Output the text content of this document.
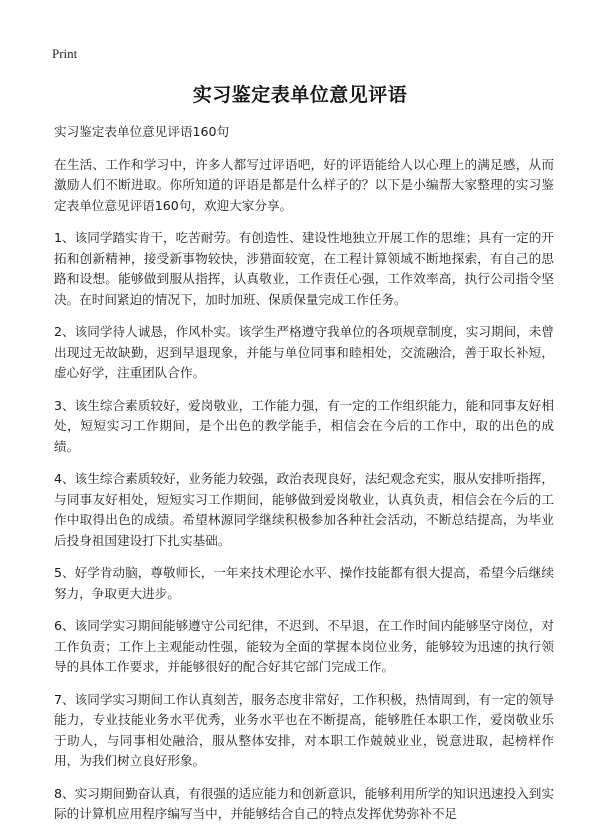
Print
实习鉴定表单位意见评语

实习鉴定表单位意见评语160句

在生活、工作和学习中，许多人都写过评语吧，好的评语能给人以心理上的满足感，从而激励人们不断进取。你所知道的评语是都是什么样子的？以下是小编帮大家整理的实习鉴定表单位意见评语160句，欢迎大家分享。

1、该同学踏实肯干，吃苦耐劳。有创造性、建设性地独立开展工作的思维；具有一定的开拓和创新精神，接受新事物较快，涉猎面较宽，在工程计算领域不断地探索，有自己的思路和设想。能够做到服从指挥，认真敬业，工作责任心强，工作效率高，执行公司指令坚决。在时间紧迫的情况下，加时加班、保质保量完成工作任务。

2、该同学待人诚恳，作风朴实。该学生严格遵守我单位的各项规章制度，实习期间，未曾出现过无故缺勤，迟到早退现象，并能与单位同事和睦相处，交流融洽，善于取长补短，虚心好学，注重团队合作。

3、该生综合素质较好，爱岗敬业，工作能力强，有一定的工作组织能力，能和同事友好相处，短短实习工作期间，是个出色的教学能手，相信会在今后的工作中，取的出色的成绩。

4、该生综合素质较好，业务能力较强，政治表现良好，法纪观念充实，服从安排听指挥，与同事友好相处，短短实习工作期间，能够做到爱岗敬业，认真负责，相信会在今后的工作中取得出色的成绩。希望林源同学继续积极参加各种社会活动，不断总结提高，为毕业后投身祖国建设打下扎实基础。

5、好学肯动脑，尊敬师长，一年来技术理论水平、操作技能都有很大提高，希望今后继续努力，争取更大进步。

6、该同学实习期间能够遵守公司纪律，不迟到、不早退，在工作时间内能够坚守岗位，对工作负责；工作上主观能动性强，能较为全面的掌握本岗位业务，能够较为迅速的执行领导的具体工作要求，并能够很好的配合好其它部门完成工作。

7、该同学实习期间工作认真刻苦，服务态度非常好，工作积极，热情周到，有一定的领导能力，专业技能业务水平优秀，业务水平也在不断提高，能够胜任本职工作，爱岗敬业乐于助人，与同事相处融洽，服从整体安排，对本职工作兢兢业业，锐意进取，起榜样作用，为我们树立良好形象。

8、实习期间勤奋认真，有很强的适应能力和创新意识，能够利用所学的知识迅速投入到实际的计算机应用程序编写当中，并能够结合自己的特点发挥优势弥补不足
